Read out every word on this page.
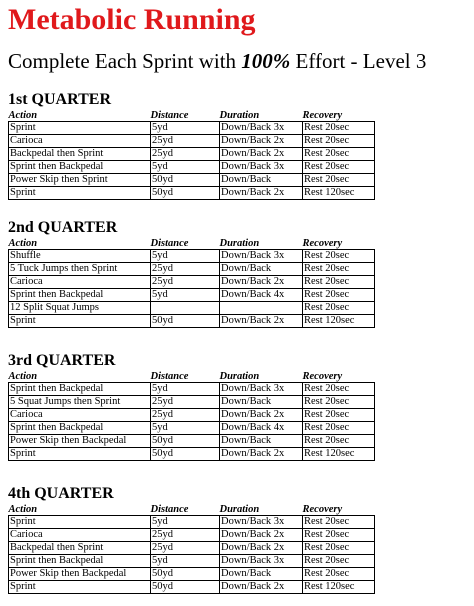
Metabolic Running
Complete Each Sprint with 100% Effort - Level 3
1st QUARTER
Action	Distance	Duration	Recovery
Sprint	5yd	Down/Back 3x	Rest 20sec
Carioca	25yd	Down/Back 2x	Rest 20sec
Backpedal then Sprint	25yd	Down/Back 2x	Rest 20sec
Sprint then Backpedal	5yd	Down/Back 3x	Rest 20sec
Power Skip then Sprint	50yd	Down/Back	Rest 20sec
Sprint	50yd	Down/Back 2x	Rest 120sec
2nd QUARTER
Action	Distance	Duration	Recovery
Shuffle	5yd	Down/Back 3x	Rest 20sec
5 Tuck Jumps then Sprint	25yd	Down/Back	Rest 20sec
Carioca	25yd	Down/Back 2x	Rest 20sec
Sprint then Backpedal	5yd	Down/Back 4x	Rest 20sec
12 Split Squat Jumps			Rest 20sec
Sprint	50yd	Down/Back 2x	Rest 120sec
3rd QUARTER
Action	Distance	Duration	Recovery
Sprint then Backpedal	5yd	Down/Back 3x	Rest 20sec
5 Squat Jumps then Sprint	25yd	Down/Back	Rest 20sec
Carioca	25yd	Down/Back 2x	Rest 20sec
Sprint then Backpedal	5yd	Down/Back 4x	Rest 20sec
Power Skip then Backpedal	50yd	Down/Back	Rest 20sec
Sprint	50yd	Down/Back 2x	Rest 120sec
4th QUARTER
Action	Distance	Duration	Recovery
Sprint	5yd	Down/Back 3x	Rest 20sec
Carioca	25yd	Down/Back 2x	Rest 20sec
Backpedal then Sprint	25yd	Down/Back 2x	Rest 20sec
Sprint then Backpedal	5yd	Down/Back 3x	Rest 20sec
Power Skip then Backpedal	50yd	Down/Back	Rest 20sec
Sprint	50yd	Down/Back 2x	Rest 120sec
